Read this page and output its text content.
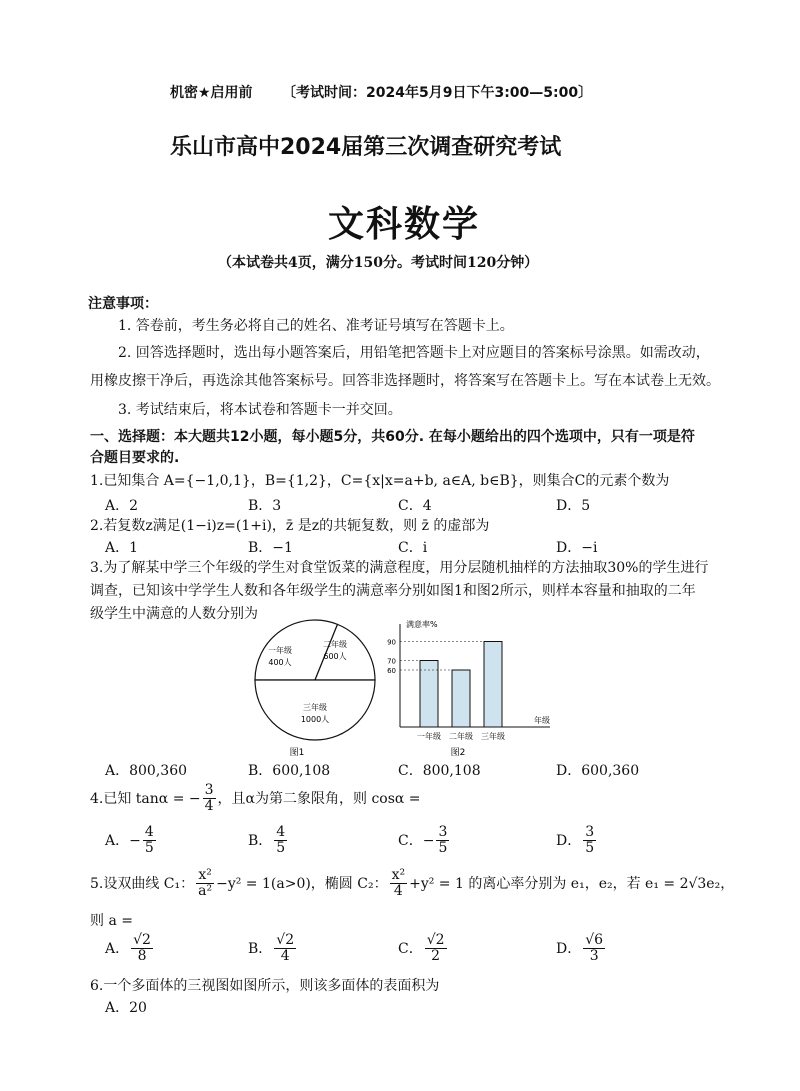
机密★启用前 〔考试时间：2024年5月9日下午3:00—5:00〕
乐山市高中2024届第三次调查研究考试
文科数学
（本试卷共4页，满分150分。考试时间120分钟）
注意事项：
1. 答卷前，考生务必将自己的姓名、准考证号填写在答题卡上。
2. 回答选择题时，选出每小题答案后，用铅笔把答题卡上对应题目的答案标号涂黑。如需改动，
用橡皮擦干净后，再选涂其他答案标号。回答非选择题时，将答案写在答题卡上。写在本试卷上无效。
3. 考试结束后，将本试卷和答题卡一并交回。
一、选择题：本大题共12小题，每小题5分，共60分. 在每小题给出的四个选项中，只有一项是符
合题目要求的.
1.已知集合 A={−1,0,1}，B={1,2}，C={x|x=a+b, a∈A, b∈B}，则集合C的元素个数为
A．2	B．3	C．4	D．5
2.若复数z满足(1−i)z=(1+i)，z̄ 是z的共轭复数，则 z̄ 的虚部为
A．1	B．−1	C．i	D．−i
3.为了解某中学三个年级的学生对食堂饭菜的满意程度，用分层随机抽样的方法抽取30%的学生进行
调查，已知该中学学生人数和各年级学生的满意率分别如图1和图2所示，则样本容量和抽取的二年
级学生中满意的人数分别为
一年级
400人
二年级
600人
三年级
1000人
图1
满意率%
年级
一年级 二年级 三年级
90
70
60
图2
A．800,360	B．600,108	C．800,108	D．600,360
4.已知 tanα = − $\frac{3}{4}$ ，且α为第二象限角，则 cosα =
A．− $\frac{4}{5}$	B． $\frac{4}{5}$	C．− $\frac{3}{5}$	D． $\frac{3}{5}$
5.设双曲线 C₁： $\frac{\text{x²}}{\text{a²}} -y^2 = 1(a>0)$，椭圆 C₂： $\frac{\text{x²}}{4} +y^2 = 1$ 的离心率分别为 e₁，e₂，若 e₁ = 2√3e₂，
则 a =
A． $\frac{√2}{8}$	B． $\frac{√2}{4}$	C． $\frac{√2}{2}$	D． $\frac{√6}{3}$
6.一个多面体的三视图如图所示，则该多面体的表面积为
A．20
